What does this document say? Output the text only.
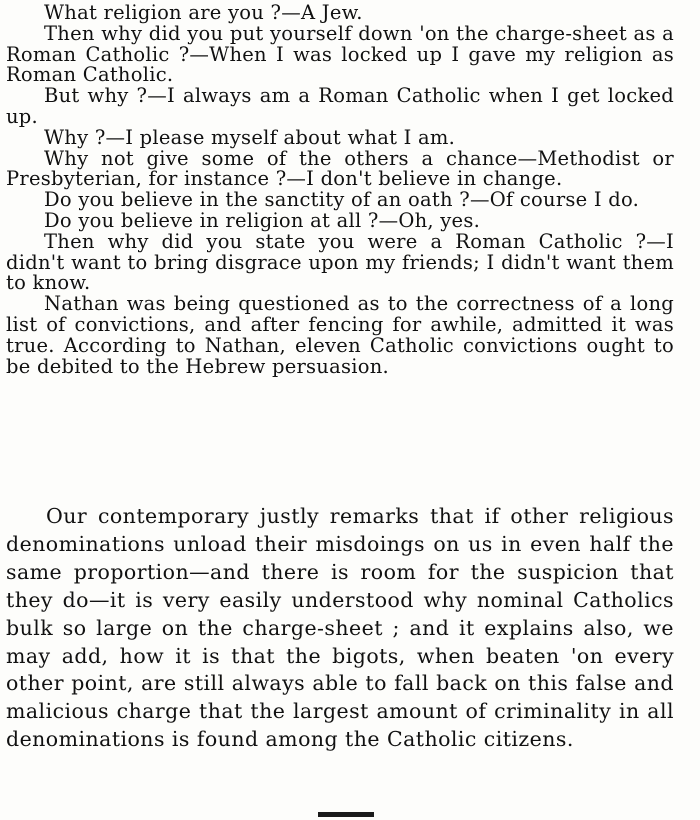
What religion are you ?—A Jew.

Then why did you put yourself down 'on the charge-sheet as a Roman Catholic ?—When I was locked up I gave my religion as Roman Catholic.

But why ?—I always am a Roman Catholic when I get locked up.

Why ?—I please myself about what I am.

Why not give some of the others a chance—Methodist or Presbyterian, for instance ?—I don't believe in change.

Do you believe in the sanctity of an oath ?—Of course I do.

Do you believe in religion at all ?—Oh, yes.

Then why did you state you were a Roman Catholic ?—I didn't want to bring disgrace upon my friends; I didn't want them to know.

Nathan was being questioned as to the correctness of a long list of convictions, and after fencing for awhile, admitted it was true. According to Nathan, eleven Catholic convictions ought to be debited to the Hebrew persuasion.

Our contemporary justly remarks that if other religious denominations unload their misdoings on us in even half the same proportion—and there is room for the suspicion that they do—it is very easily understood why nominal Catholics bulk so large on the charge-sheet ; and it explains also, we may add, how it is that the bigots, when beaten 'on every other point, are still always able to fall back on this false and malicious charge that the largest amount of criminality in all denominations is found among the Catholic citizens.
